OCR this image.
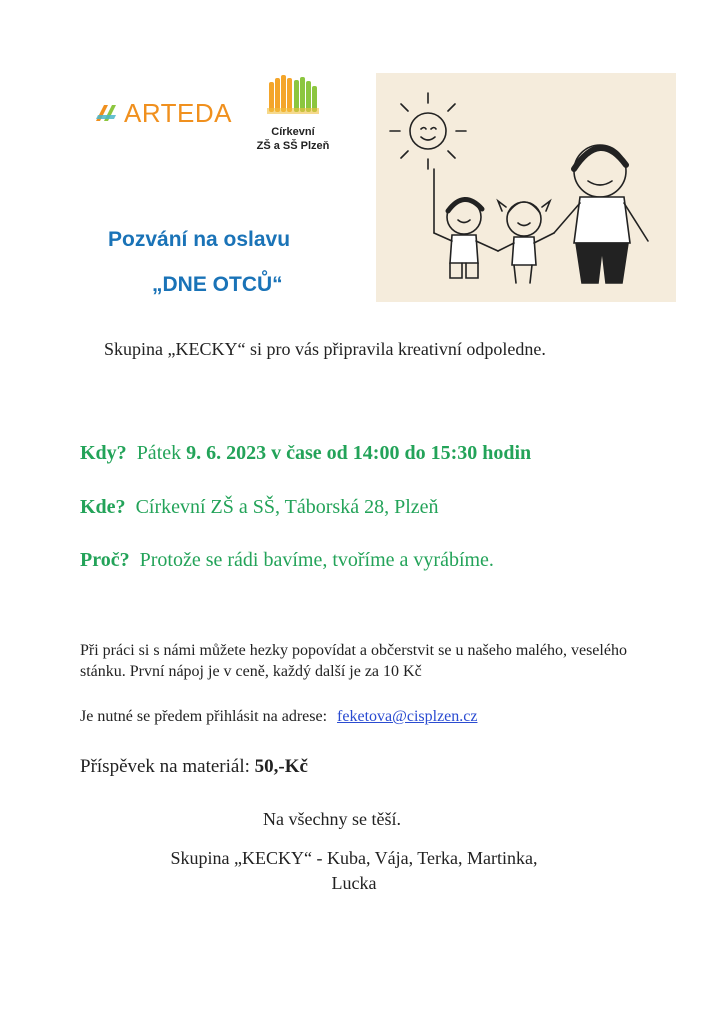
ARTEDA
Církevní
ZŠ a SŠ Plzeň
Pozvání na oslavu
„DNE OTCŮ“
Skupina „KECKY“ si pro vás připravila kreativní odpoledne.
Kdy? Pátek 9. 6. 2023 v čase od 14:00 do 15:30 hodin
Kde? Církevní ZŠ a SŠ, Táborská 28, Plzeň
Proč? Protože se rádi bavíme, tvoříme a vyrábíme.
Při práci si s námi můžete hezky popovídat a občerstvit se u našeho malého, veselého stánku. První nápoj je v ceně, každý další je za 10 Kč
Je nutné se předem přihlásit na adrese: feketova@cisplzen.cz
Příspěvek na materiál: 50,-Kč
Na všechny se těší.
Skupina „KECKY“ - Kuba, Vája, Terka, Martinka,
Lucka
